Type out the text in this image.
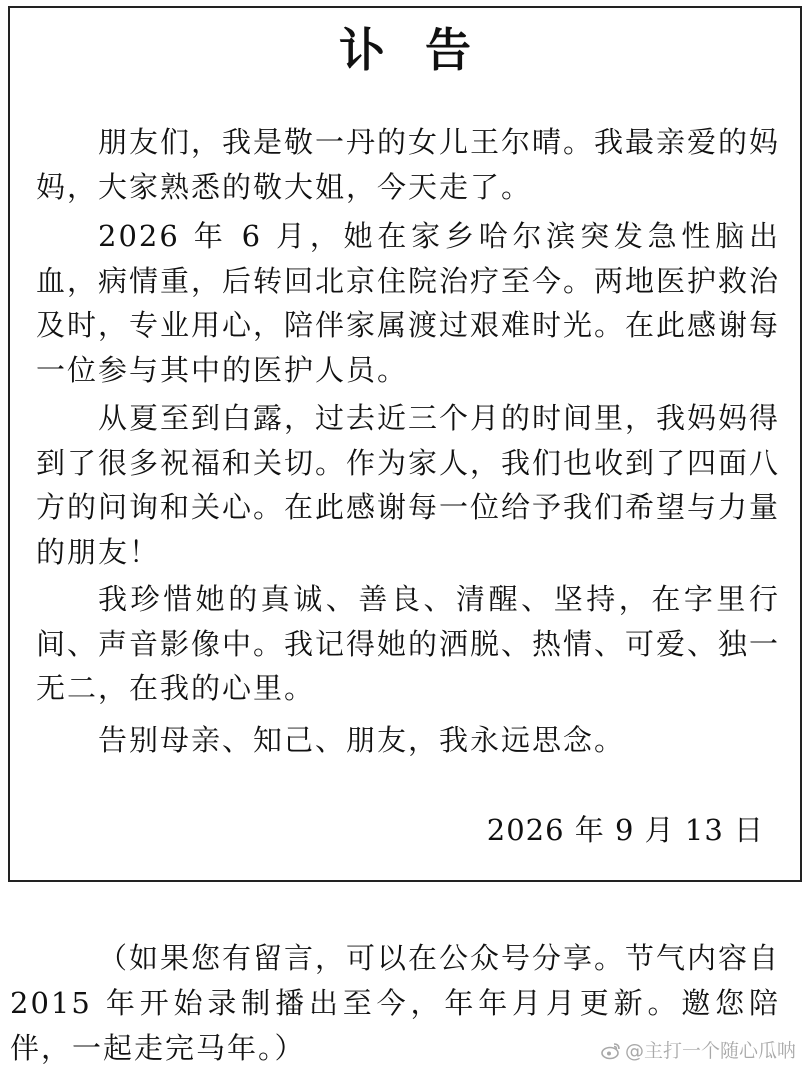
讣告

朋友们，我是敬一丹的女儿王尔晴。我最亲爱的妈妈，大家熟悉的敬大姐，今天走了。

2026 年 6 月，她在家乡哈尔滨突发急性脑出血，病情重，后转回北京住院治疗至今。两地医护救治及时，专业用心，陪伴家属渡过艰难时光。在此感谢每一位参与其中的医护人员。

从夏至到白露，过去近三个月的时间里，我妈妈得到了很多祝福和关切。作为家人，我们也收到了四面八方的问询和关心。在此感谢每一位给予我们希望与力量的朋友！

我珍惜她的真诚、善良、清醒、坚持，在字里行间、声音影像中。我记得她的洒脱、热情、可爱、独一无二，在我的心里。

告别母亲、知己、朋友，我永远思念。

2026 年 9 月 13 日

（如果您有留言，可以在公众号分享。节气内容自 2015 年开始录制播出至今，年年月月更新。邀您陪伴，一起走完马年。）	@主打一个随心瓜呐
